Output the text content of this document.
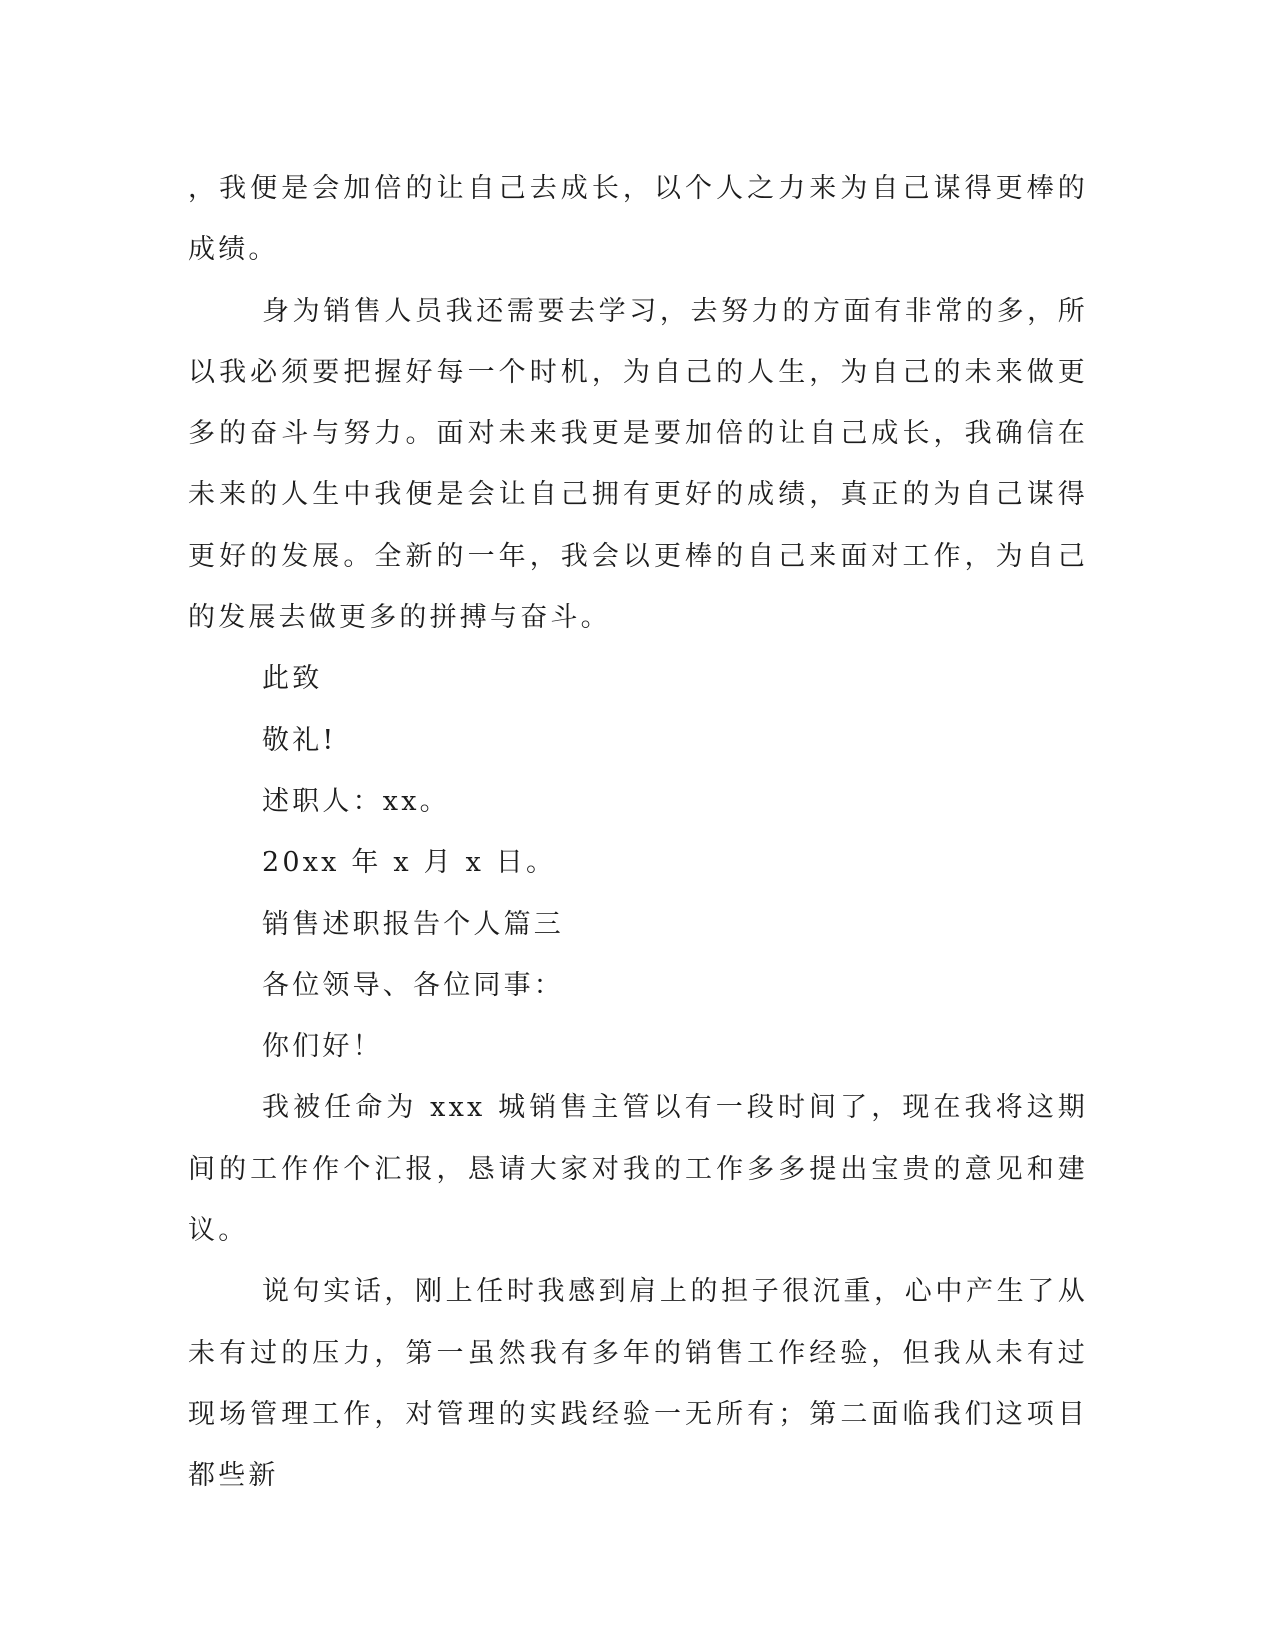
，我便是会加倍的让自己去成长，以个人之力来为自己谋得更棒的成绩。

身为销售人员我还需要去学习，去努力的方面有非常的多，所以我必须要把握好每一个时机，为自己的人生，为自己的未来做更多的奋斗与努力。面对未来我更是要加倍的让自己成长，我确信在未来的人生中我便是会让自己拥有更好的成绩，真正的为自己谋得更好的发展。全新的一年，我会以更棒的自己来面对工作，为自己的发展去做更多的拼搏与奋斗。

此致

敬礼!

述职人：xx。

20xx 年 x 月 x 日。

销售述职报告个人篇三

各位领导、各位同事：

你们好！

我被任命为 xxx 城销售主管以有一段时间了，现在我将这期间的工作作个汇报，恳请大家对我的工作多多提出宝贵的意见和建议。

说句实话，刚上任时我感到肩上的担子很沉重，心中产生了从未有过的压力，第一虽然我有多年的销售工作经验，但我从未有过现场管理工作，对管理的实践经验一无所有；第二面临我们这项目都些新
